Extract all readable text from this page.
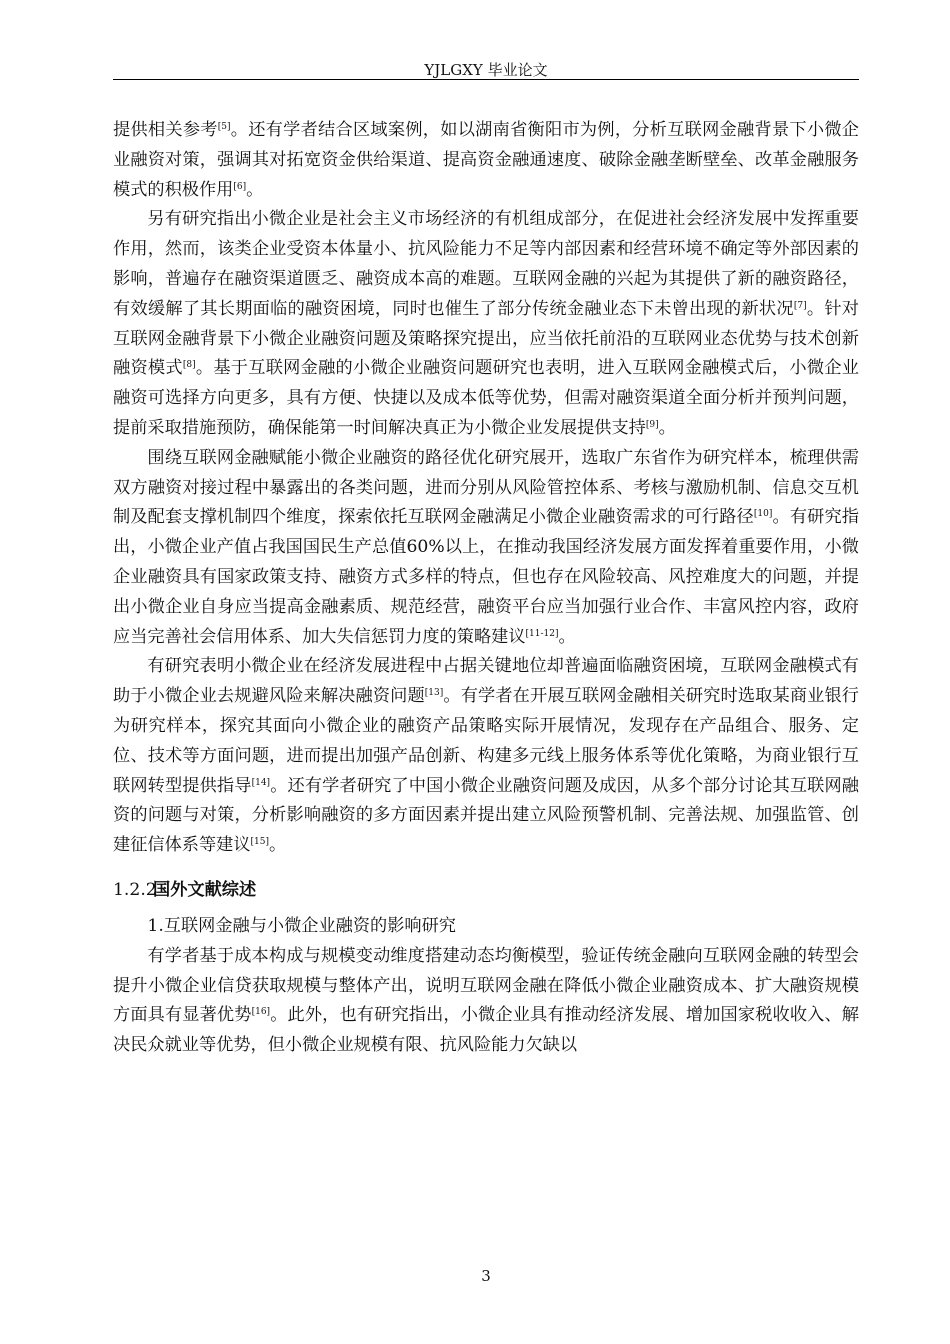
YJLGXY 毕业论文

提供相关参考[5]。还有学者结合区域案例，如以湖南省衡阳市为例，分析互联网金融背景下小微企业融资对策，强调其对拓宽资金供给渠道、提高资金融通速度、破除金融垄断壁垒、改革金融服务模式的积极作用[6]。

另有研究指出小微企业是社会主义市场经济的有机组成部分，在促进社会经济发展中发挥重要作用，然而，该类企业受资本体量小、抗风险能力不足等内部因素和经营环境不确定等外部因素的影响，普遍存在融资渠道匮乏、融资成本高的难题。互联网金融的兴起为其提供了新的融资路径，有效缓解了其长期面临的融资困境，同时也催生了部分传统金融业态下未曾出现的新状况[7]。针对互联网金融背景下小微企业融资问题及策略探究提出，应当依托前沿的互联网业态优势与技术创新融资模式[8]。基于互联网金融的小微企业融资问题研究也表明，进入互联网金融模式后，小微企业融资可选择方向更多，具有方便、快捷以及成本低等优势，但需对融资渠道全面分析并预判问题，提前采取措施预防，确保能第一时间解决真正为小微企业发展提供支持[9]。

围绕互联网金融赋能小微企业融资的路径优化研究展开，选取广东省作为研究样本，梳理供需双方融资对接过程中暴露出的各类问题，进而分别从风险管控体系、考核与激励机制、信息交互机制及配套支撑机制四个维度，探索依托互联网金融满足小微企业融资需求的可行路径[10]。有研究指出，小微企业产值占我国国民生产总值60%以上，在推动我国经济发展方面发挥着重要作用，小微企业融资具有国家政策支持、融资方式多样的特点，但也存在风险较高、风控难度大的问题，并提出小微企业自身应当提高金融素质、规范经营，融资平台应当加强行业合作、丰富风控内容，政府应当完善社会信用体系、加大失信惩罚力度的策略建议[11-12]。

有研究表明小微企业在经济发展进程中占据关键地位却普遍面临融资困境，互联网金融模式有助于小微企业去规避风险来解决融资问题[13]。有学者在开展互联网金融相关研究时选取某商业银行为研究样本，探究其面向小微企业的融资产品策略实际开展情况，发现存在产品组合、服务、定位、技术等方面问题，进而提出加强产品创新、构建多元线上服务体系等优化策略，为商业银行互联网转型提供指导[14]。还有学者研究了中国小微企业融资问题及成因，从多个部分讨论其互联网融资的问题与对策，分析影响融资的多方面因素并提出建立风险预警机制、完善法规、加强监管、创建征信体系等建议[15]。

1.2.2国外文献综述

1.互联网金融与小微企业融资的影响研究

有学者基于成本构成与规模变动维度搭建动态均衡模型，验证传统金融向互联网金融的转型会提升小微企业信贷获取规模与整体产出，说明互联网金融在降低小微企业融资成本、扩大融资规模方面具有显著优势[16]。此外，也有研究指出，小微企业具有推动经济发展、增加国家税收收入、解决民众就业等优势，但小微企业规模有限、抗风险能力欠缺以

3
